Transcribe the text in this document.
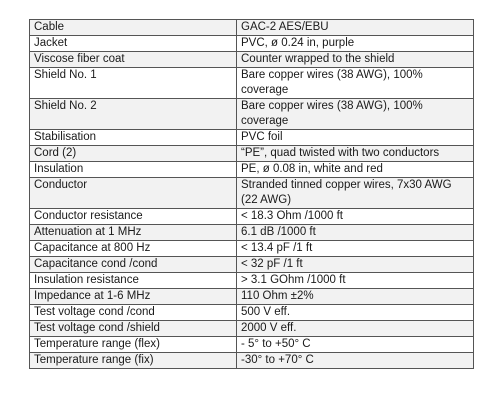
Cable	GAC-2 AES/EBU
Jacket	PVC, ø 0.24 in, purple
Viscose fiber coat	Counter wrapped to the shield
Shield No. 1	Bare copper wires (38 AWG), 100% coverage
Shield No. 2	Bare copper wires (38 AWG), 100% coverage
Stabilisation	PVC foil
Cord (2)	“PE”, quad twisted with two conductors
Insulation	PE, ø 0.08 in, white and red
Conductor	Stranded tinned copper wires, 7x30 AWG (22 AWG)
Conductor resistance	< 18.3 Ohm /1000 ft
Attenuation at 1 MHz	6.1 dB /1000 ft
Capacitance at 800 Hz	< 13.4 pF /1 ft
Capacitance cond /cond	< 32 pF /1 ft
Insulation resistance	> 3.1 GOhm /1000 ft
Impedance at 1-6 MHz	110 Ohm ±2%
Test voltage cond /cond	500 V eff.
Test voltage cond /shield	2000 V eff.
Temperature range (flex)	- 5° to +50° C
Temperature range (fix)	-30° to +70° C
